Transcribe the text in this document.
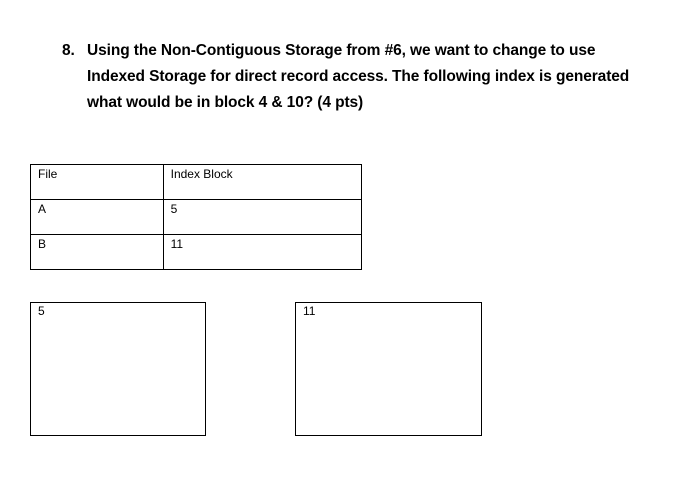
8. Using the Non-Contiguous Storage from #6, we want to change to use
Indexed Storage for direct record access. The following index is generated
what would be in block 4 & 10? (4 pts)
File	Index Block
A	5
B	11
5	11
